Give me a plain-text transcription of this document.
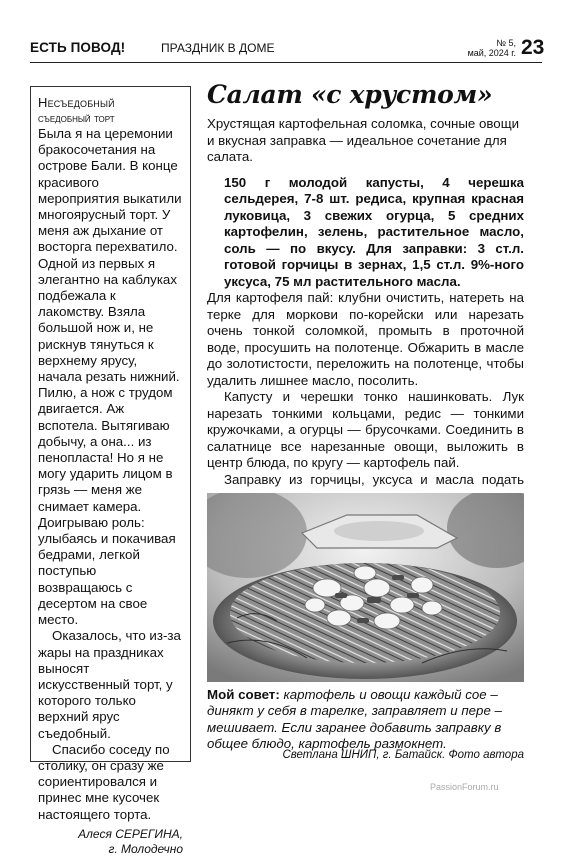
ЕСТЬ ПОВОД!	ПРАЗДНИК В ДОМЕ	№ 5,
май, 2024 г. 23
Несъедобный
съедобный торт

Была я на церемонии бракосочетания на острове Бали. В конце красивого мероприятия выкатили многоярусный торт. У меня аж дыхание от восторга перехватило. Одной из первых я элегантно на каблуках подбежала к лакомству. Взяла большой нож и, не рискнув тянуться к верхнему ярусу, начала резать нижний. Пилю, а нож с трудом двигается. Аж вспотела. Вытягиваю добычу, а она... из пенопласта! Но я не могу ударить лицом в грязь — меня же снимает камера. Доигрываю роль: улыбаясь и покачивая бедрами, легкой поступью возвращаюсь с десертом на свое место.

Оказалось, что из-за жары на праздниках выносят искусственный торт, у которого только верхний ярус съедобный.

Спасибо соседу по столику, он сразу же сориентировался и принес мне кусочек настоящего торта.

Алеся СЕРЕГИНА,
г. Молодечно
Салат «с хрустом»
Хрустящая картофельная соломка, сочные овощи и вкусная заправка — идеальное сочетание для салата.
150 г молодой капусты, 4 черешка сельдерея, 7-8 шт. редиса, крупная красная луковица, 3 свежих огурца, 5 средних картофелин, зелень, растительное масло, соль — по вкусу. Для заправки: 3 ст.л. готовой горчицы в зернах, 1,5 ст.л. 9%-ного уксуса, 75 мл растительного масла.

Для картофеля пай: клубни очистить, натереть на терке для моркови по-корейски или нарезать очень тонкой соломкой, промыть в проточной воде, просушить на полотенце. Обжарить в масле до золотистости, переложить на полотенце, чтобы удалить лишнее масло, посолить.

Капусту и черешки тонко нашинковать. Лук нарезать тонкими кольцами, редис — тонкими кружочками, а огурцы — брусочками. Соединить в салатнице все нарезанные овощи, выложить в центр блюда, по кругу — картофель пай.

Заправку из горчицы, уксуса и масла подать

Мой совет: картофель и овощи каждый сое – динякт у себя в тарелке, заправляет и пере – мешивает. Если заранее добавить заправку в общее блюдо, картофель размокнет.
Светлана ШНИП, г. Батайск. Фото автора
PassionForum.ru
